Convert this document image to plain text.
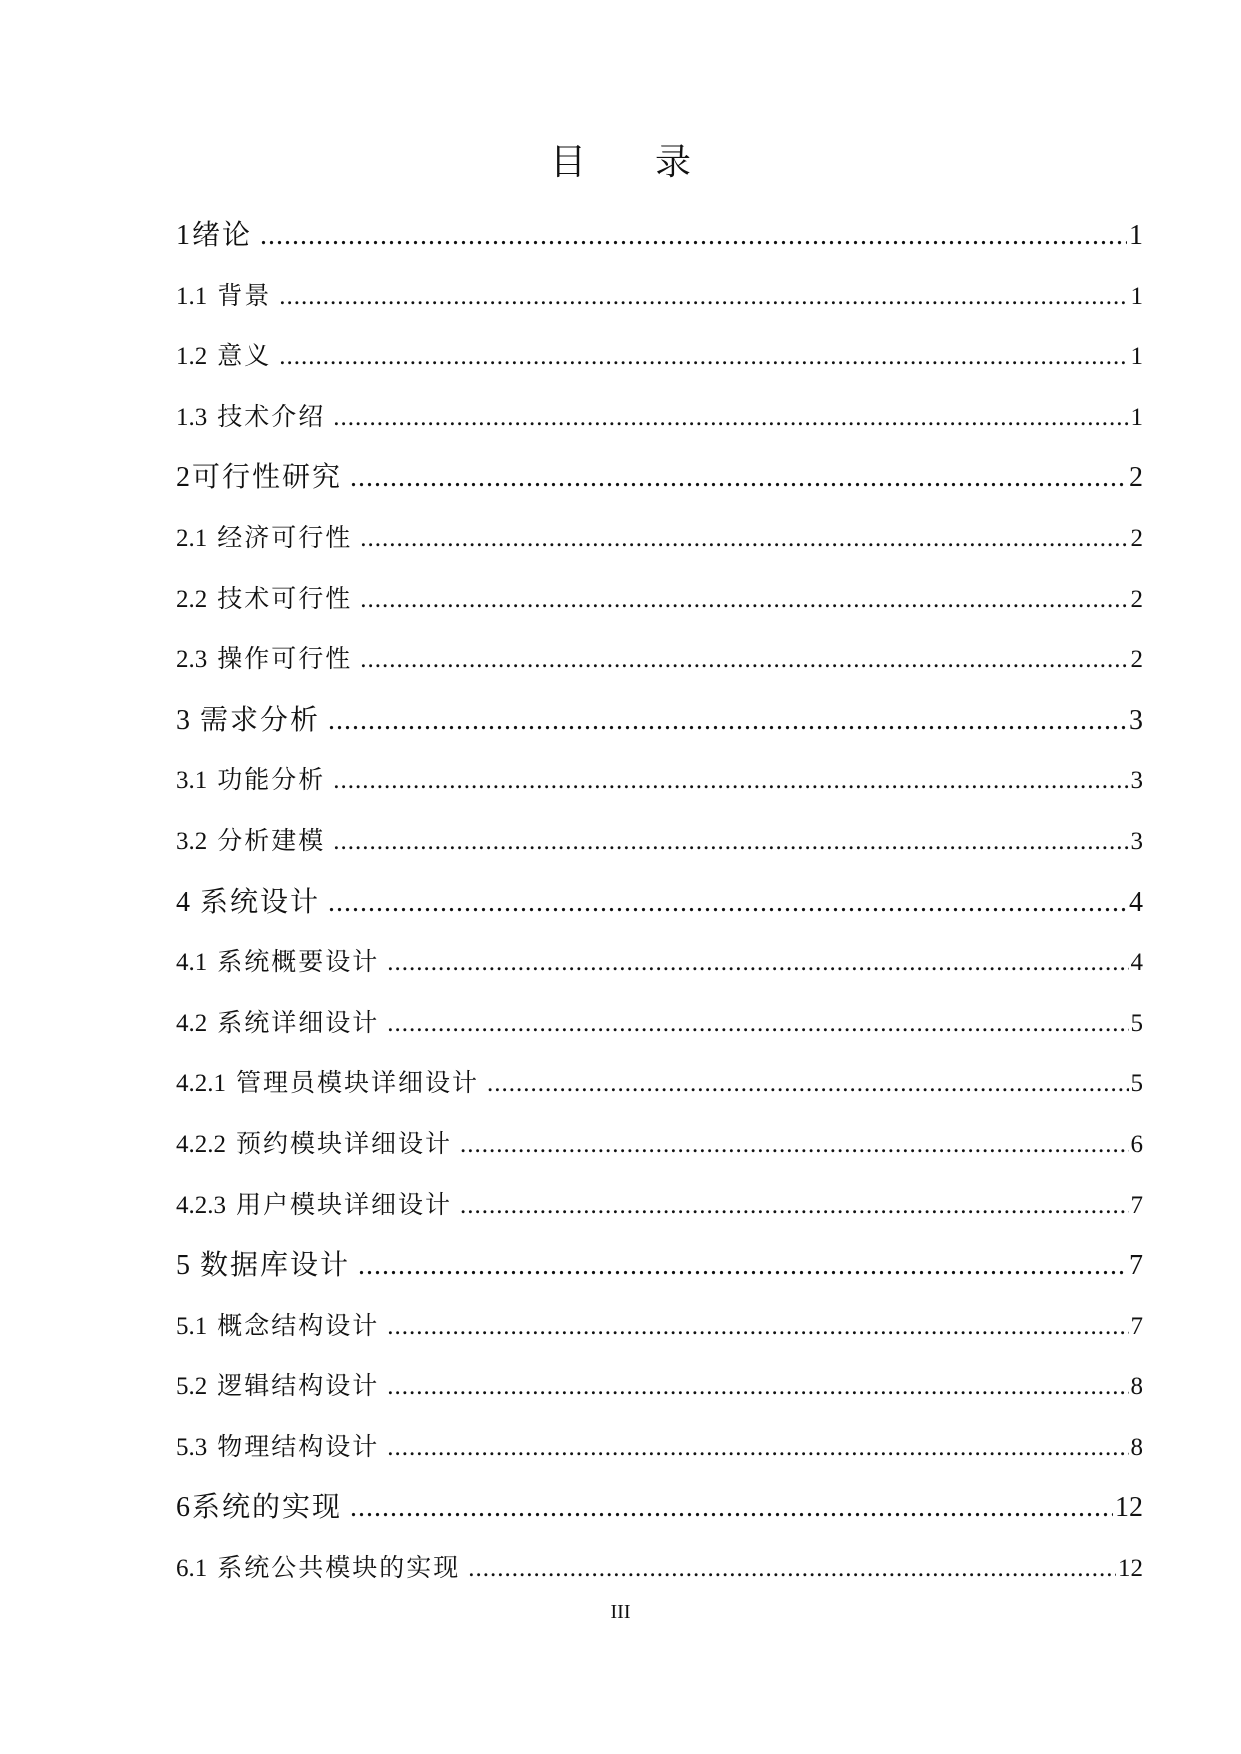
目 录
1 绪论 .....	1
1.1 背景 .....	1
1.2 意义 .....	1
1.3 技术介绍 .....	1
2 可行性研究 .....	2
2.1 经济可行性 .....	2
2.2 技术可行性 .....	2
2.3 操作可行性 .....	2
3 需求分析 .....	3
3.1 功能分析 .....	3
3.2 分析建模 .....	3
4 系统设计 .....	4
4.1 系统概要设计 .....	4
4.2 系统详细设计 .....	5
4.2.1 管理员模块详细设计 .....	5
4.2.2 预约模块详细设计 .....	6
4.2.3 用户模块详细设计 .....	7
5 数据库设计 .....	7
5.1 概念结构设计 .....	7
5.2 逻辑结构设计 .....	8
5.3 物理结构设计 .....	8
6 系统的实现 .....	12
6.1 系统公共模块的实现 .....	12
III
